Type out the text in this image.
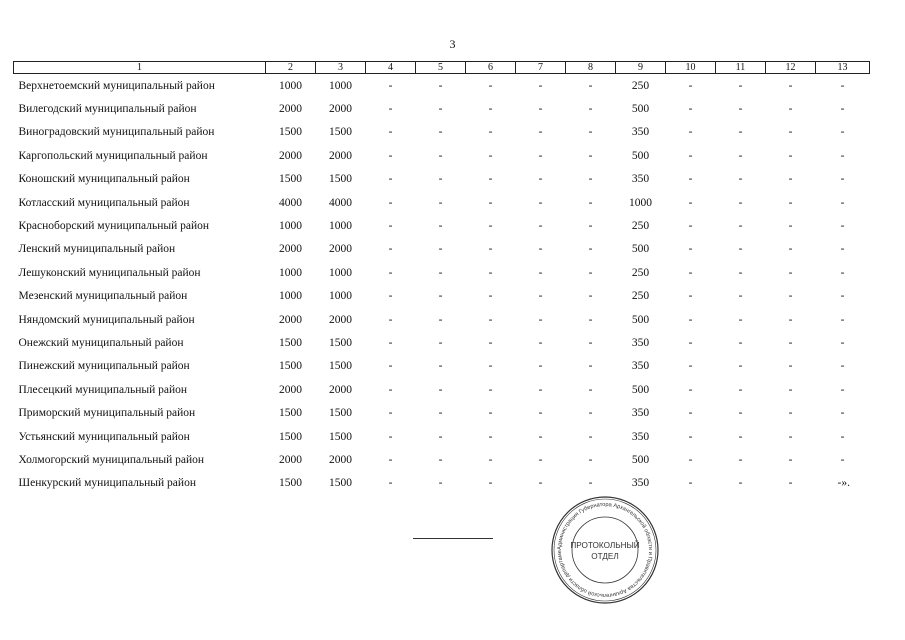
3
1	2	3	4	5	6	7	8	9	10	11	12	13
Верхнетоемский муниципальный район	1000	1000	-	-	-	-	-	250	-	-	-	-
Вилегодский муниципальный район	2000	2000	-	-	-	-	-	500	-	-	-	-
Виноградовский муниципальный район	1500	1500	-	-	-	-	-	350	-	-	-	-
Каргопольский муниципальный район	2000	2000	-	-	-	-	-	500	-	-	-	-
Коношский муниципальный район	1500	1500	-	-	-	-	-	350	-	-	-	-
Котласский муниципальный район	4000	4000	-	-	-	-	-	1000	-	-	-	-
Красноборский муниципальный район	1000	1000	-	-	-	-	-	250	-	-	-	-
Ленский муниципальный район	2000	2000	-	-	-	-	-	500	-	-	-	-
Лешуконский муниципальный район	1000	1000	-	-	-	-	-	250	-	-	-	-
Мезенский муниципальный район	1000	1000	-	-	-	-	-	250	-	-	-	-
Няндомский муниципальный район	2000	2000	-	-	-	-	-	500	-	-	-	-
Онежский муниципальный район	1500	1500	-	-	-	-	-	350	-	-	-	-
Пинежский муниципальный район	1500	1500	-	-	-	-	-	350	-	-	-	-
Плесецкий муниципальный район	2000	2000	-	-	-	-	-	500	-	-	-	-
Приморский муниципальный район	1500	1500	-	-	-	-	-	350	-	-	-	-
Устьянский муниципальный район	1500	1500	-	-	-	-	-	350	-	-	-	-
Холмогорский муниципальный район	2000	2000	-	-	-	-	-	500	-	-	-	-
Шенкурский муниципальный район	1500	1500	-	-	-	-	-	350	-	-	-	-».
Администрация Губернатора Архангельской области и Правительства Архангельской области департаме
ПРОТОКОЛЬНЫЙ
ОТДЕЛ
